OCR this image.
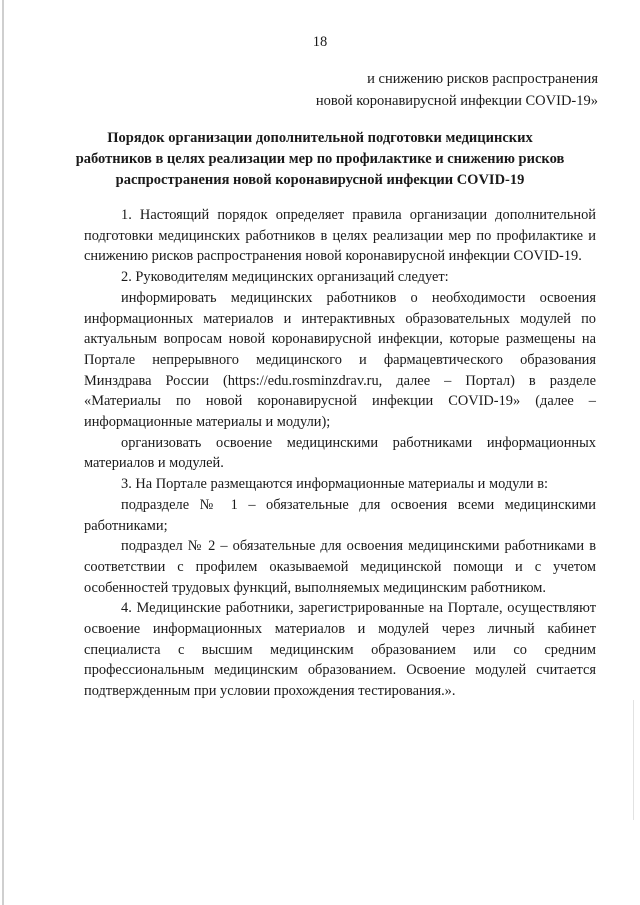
18
и снижению рисков распространения
новой коронавирусной инфекции COVID-19»
Порядок организации дополнительной подготовки медицинских
работников в целях реализации мер по профилактике и снижению рисков
распространения новой коронавирусной инфекции COVID-19

1. Настоящий порядок определяет правила организации дополнительной подготовки медицинских работников в целях реализации мер по профилактике и снижению рисков распространения новой коронавирусной инфекции COVID-19.

2. Руководителям медицинских организаций следует:

информировать медицинских работников о необходимости освоения информационных материалов и интерактивных образовательных модулей по актуальным вопросам новой коронавирусной инфекции, которые размещены на Портале непрерывного медицинского и фармацевтического образования Минздрава России (https://edu.rosminzdrav.ru, далее – Портал) в разделе «Материалы по новой коронавирусной инфекции COVID-19» (далее – информационные материалы и модули);

организовать освоение медицинскими работниками информационных материалов и модулей.

3. На Портале размещаются информационные материалы и модули в:

подразделе № 1 – обязательные для освоения всеми медицинскими работниками;

подраздел № 2 – обязательные для освоения медицинскими работниками в соответствии с профилем оказываемой медицинской помощи и с учетом особенностей трудовых функций, выполняемых медицинским работником.

4. Медицинские работники, зарегистрированные на Портале, осуществляют освоение информационных материалов и модулей через личный кабинет специалиста с высшим медицинским образованием или со средним профессиональным медицинским образованием. Освоение модулей считается подтвержденным при условии прохождения тестирования.».
